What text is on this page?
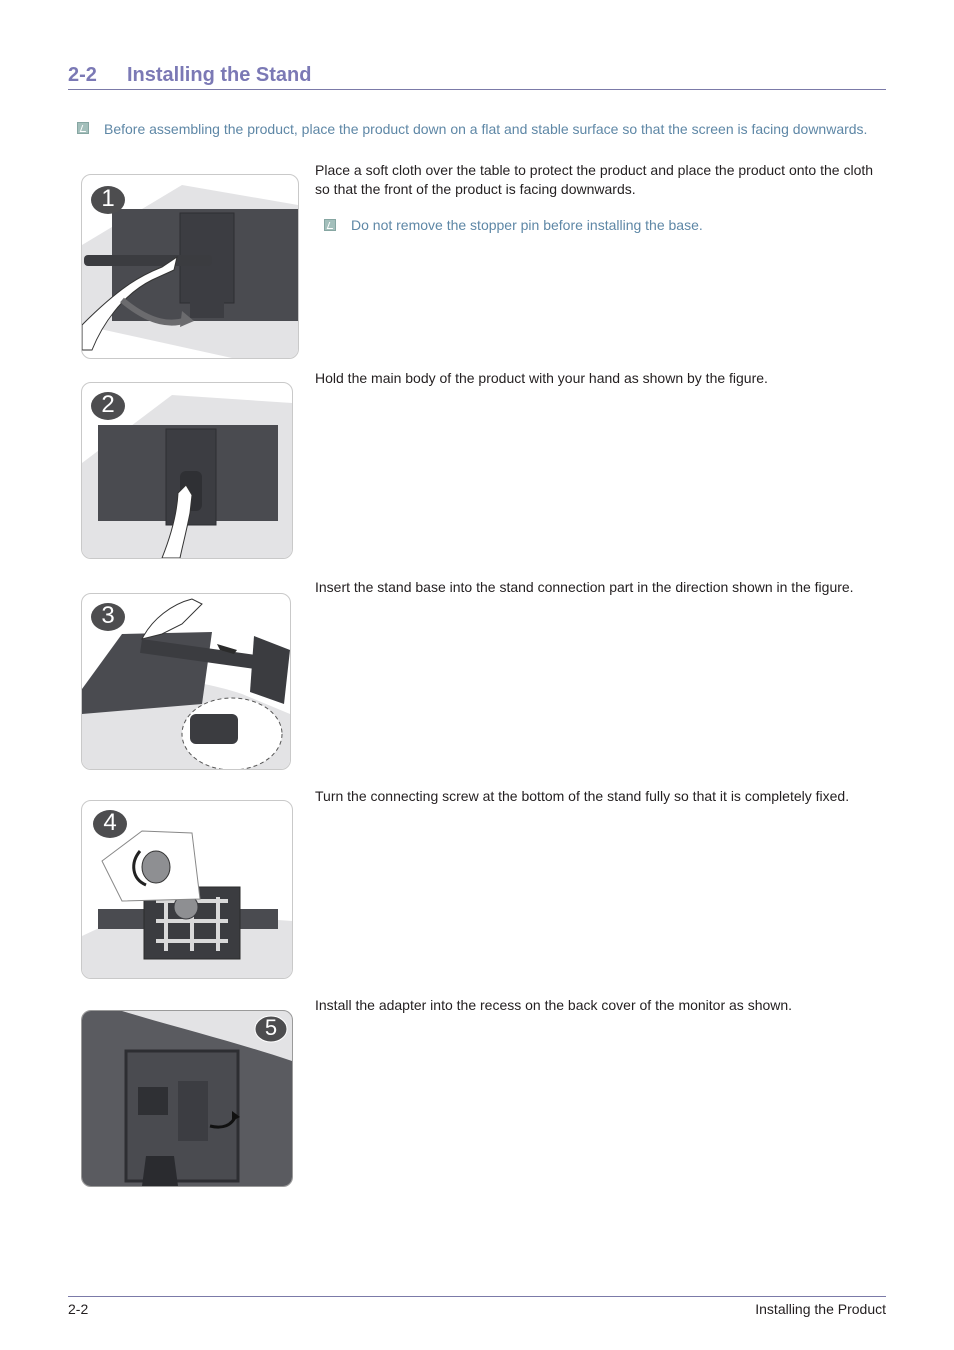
2-2 Installing the Stand
Before assembling the product, place the product down on a flat and stable surface so that the screen is facing downwards.
1
Place a soft cloth over the table to protect the product and place the product onto the cloth so that the front of the product is facing downwards.
Do not remove the stopper pin before installing the base.
2
Hold the main body of the product with your hand as shown by the figure.
3
Insert the stand base into the stand connection part in the direction shown in the figure.
4
Turn the connecting screw at the bottom of the stand fully so that it is completely fixed.
5
Install the adapter into the recess on the back cover of the monitor as shown.
2-2	Installing the Product
